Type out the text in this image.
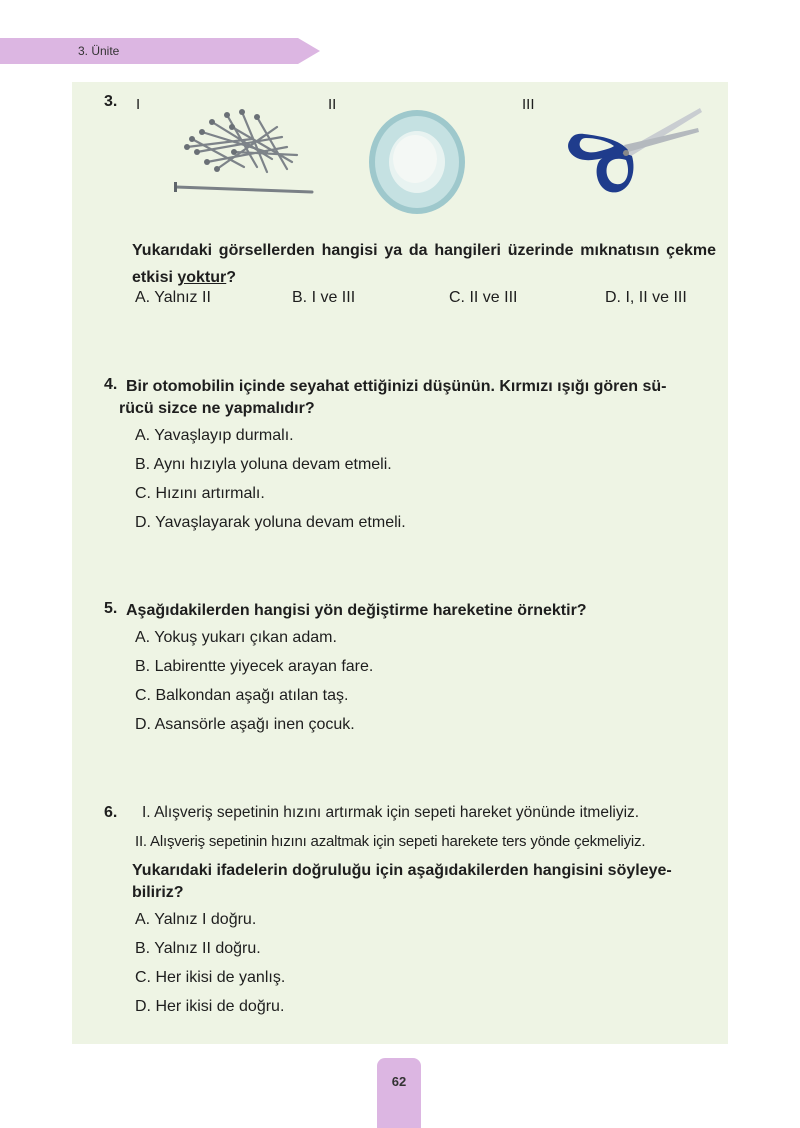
3. Ünite
3. I	II	III
Yukarıdaki görsellerden hangisi ya da hangileri üzerinde mıknatısın çekme etkisi yoktur?
A. Yalnız II	B. I ve III	C. II ve III	D. I, II ve III
4. Bir otomobilin içinde seyahat ettiğinizi düşünün. Kırmızı ışığı gören sü-
rücü sizce ne yapmalıdır?
A. Yavaşlayıp durmalı.
B. Aynı hızıyla yoluna devam etmeli.
C. Hızını artırmalı.
D. Yavaşlayarak yoluna devam etmeli.
5. Aşağıdakilerden hangisi yön değiştirme hareketine örnektir?
A. Yokuş yukarı çıkan adam.
B. Labirentte yiyecek arayan fare.
C. Balkondan aşağı atılan taş.
D. Asansörle aşağı inen çocuk.
6. I. Alışveriş sepetinin hızını artırmak için sepeti hareket yönünde itmeliyiz.
II. Alışveriş sepetinin hızını azaltmak için sepeti harekete ters yönde çekmeliyiz.
Yukarıdaki ifadelerin doğruluğu için aşağıdakilerden hangisini söyleye-
biliriz?
A. Yalnız I doğru.
B. Yalnız II doğru.
C. Her ikisi de yanlış.
D. Her ikisi de doğru.
62
